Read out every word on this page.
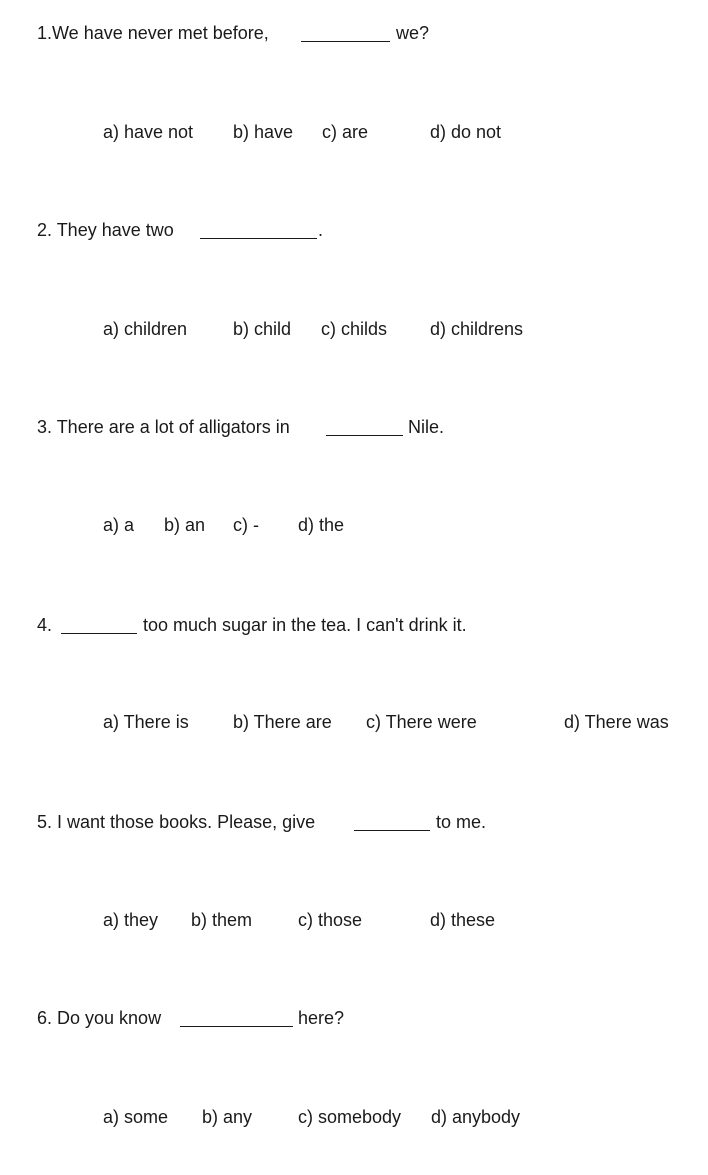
1.We have never met before,	we?
a) have not b) have c) are	d) do not
2. They have two	.
a) children	b) child c) childs d) childrens
3. There are a lot of alligators in	Nile.
a) a b) an c) - d) the
4.	too much sugar in the tea. I can't drink it.
a) There is b) There are c) There were	d) There was
5. I want those books. Please, give	to me.
a) they b) them	c) those	d) these
6. Do you know	here?
a) some b) any	c) somebody d) anybody
